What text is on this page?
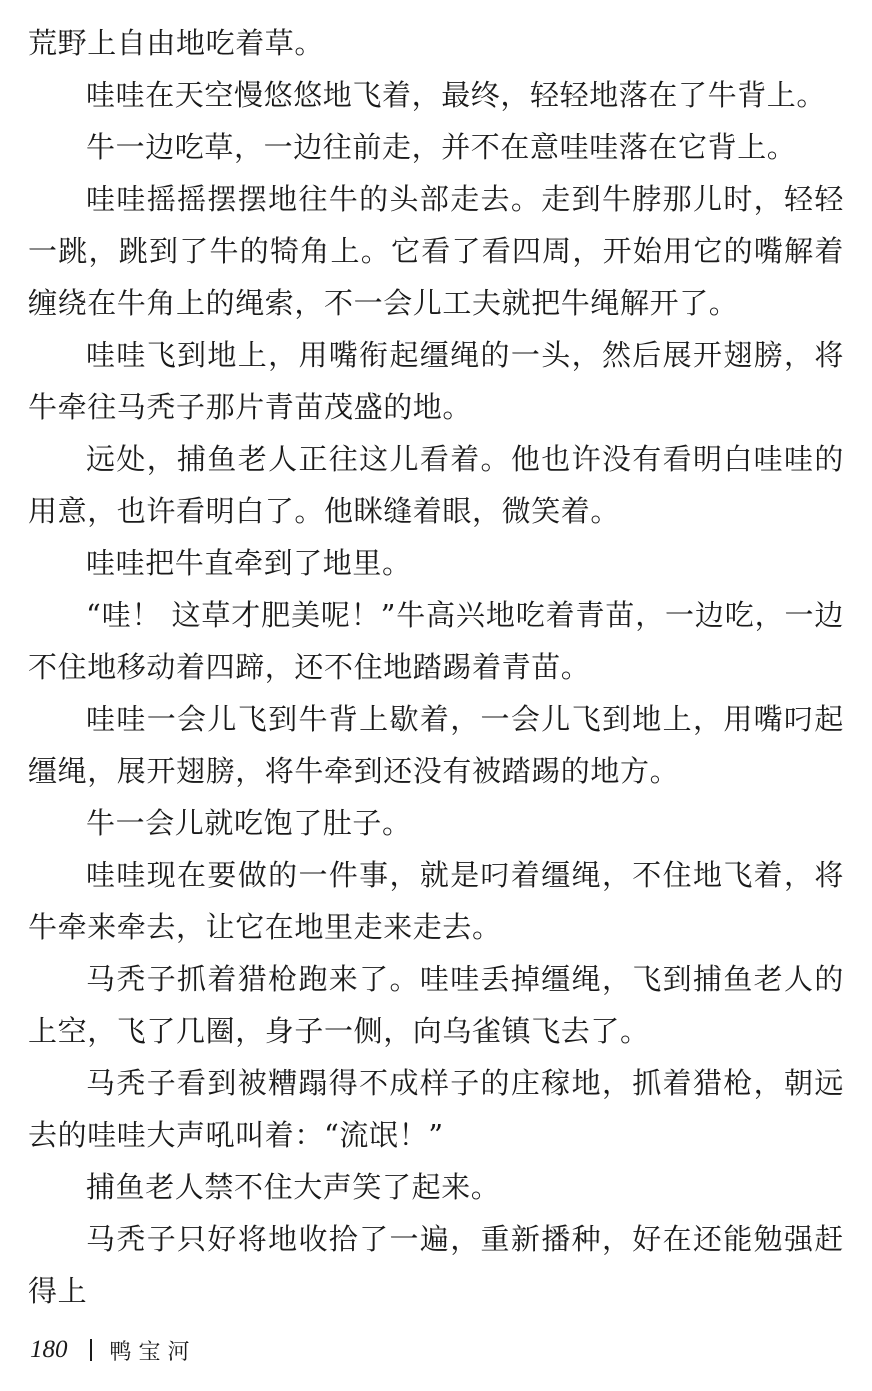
荒野上自由地吃着草。

哇哇在天空慢悠悠地飞着，最终，轻轻地落在了牛背上。

牛一边吃草，一边往前走，并不在意哇哇落在它背上。

哇哇摇摇摆摆地往牛的头部走去。走到牛脖那儿时，轻轻一跳，跳到了牛的犄角上。它看了看四周，开始用它的嘴解着缠绕在牛角上的绳索，不一会儿工夫就把牛绳解开了。

哇哇飞到地上，用嘴衔起缰绳的一头，然后展开翅膀，将牛牵往马秃子那片青苗茂盛的地。

远处，捕鱼老人正往这儿看着。他也许没有看明白哇哇的用意，也许看明白了。他眯缝着眼，微笑着。

哇哇把牛直牵到了地里。

“哇！ 这草才肥美呢！”牛高兴地吃着青苗，一边吃，一边不住地移动着四蹄，还不住地踏踢着青苗。

哇哇一会儿飞到牛背上歇着，一会儿飞到地上，用嘴叼起缰绳，展开翅膀，将牛牵到还没有被踏踢的地方。

牛一会儿就吃饱了肚子。

哇哇现在要做的一件事，就是叼着缰绳，不住地飞着，将牛牵来牵去，让它在地里走来走去。

马秃子抓着猎枪跑来了。哇哇丢掉缰绳，飞到捕鱼老人的上空，飞了几圈，身子一侧，向乌雀镇飞去了。

马秃子看到被糟蹋得不成样子的庄稼地，抓着猎枪，朝远去的哇哇大声吼叫着：“流氓！”

捕鱼老人禁不住大声笑了起来。

马秃子只好将地收拾了一遍，重新播种，好在还能勉强赶得上

180 鸭宝河
